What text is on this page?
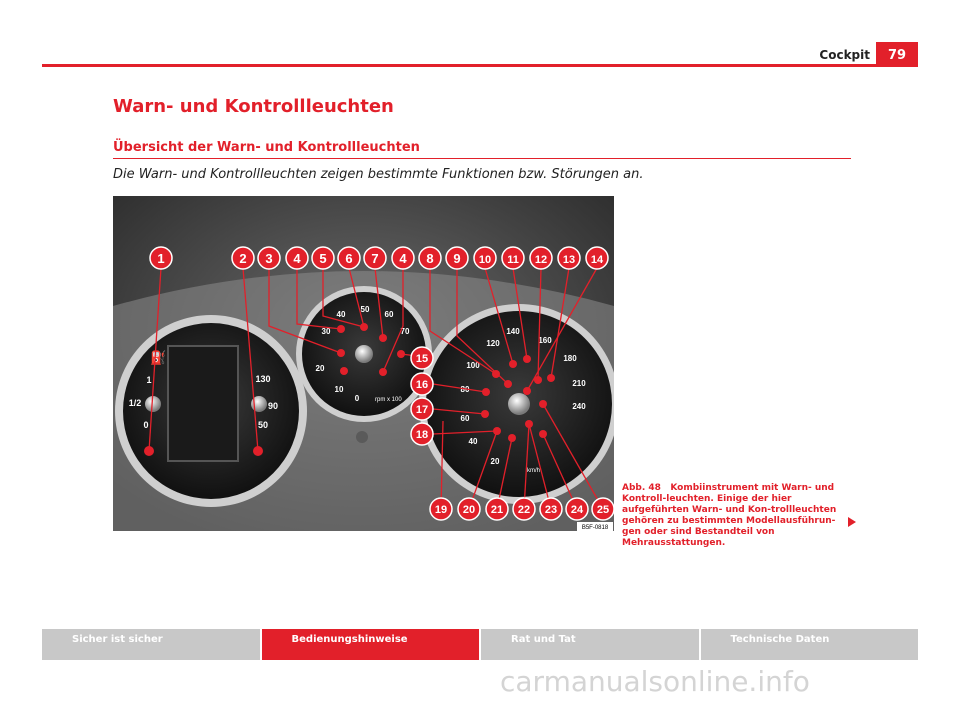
79
Cockpit
Warn- und Kontrollleuchten
Übersicht der Warn- und Kontrollleuchten
Die Warn- und Kontrollleuchten zeigen bestimmte Funktionen bzw. Störungen an.
1
1/2
0
130
90
50
⛽
50
60
70
40
30
20
10
0	rpm x 100
140
160
180
210
240
120
100
80
60
40
20
km/h
1	2 3 4 5 6 7 4 8 9 10 11 12 13 14
15
16
17
18
19 20 21 22 23 24 25
B5F-0818
Abb. 48 Kombiinstrument mit Warn- und Kontroll-leuchten. Einige der hier aufgeführten Warn- und Kon-trollleuchten gehören zu bestimmten Modellausführun-gen oder sind Bestandteil von Mehrausstattungen.
Sicher ist sicher	Bedienungshinweise	Rat und Tat	Technische Daten
carmanualsonline.info
